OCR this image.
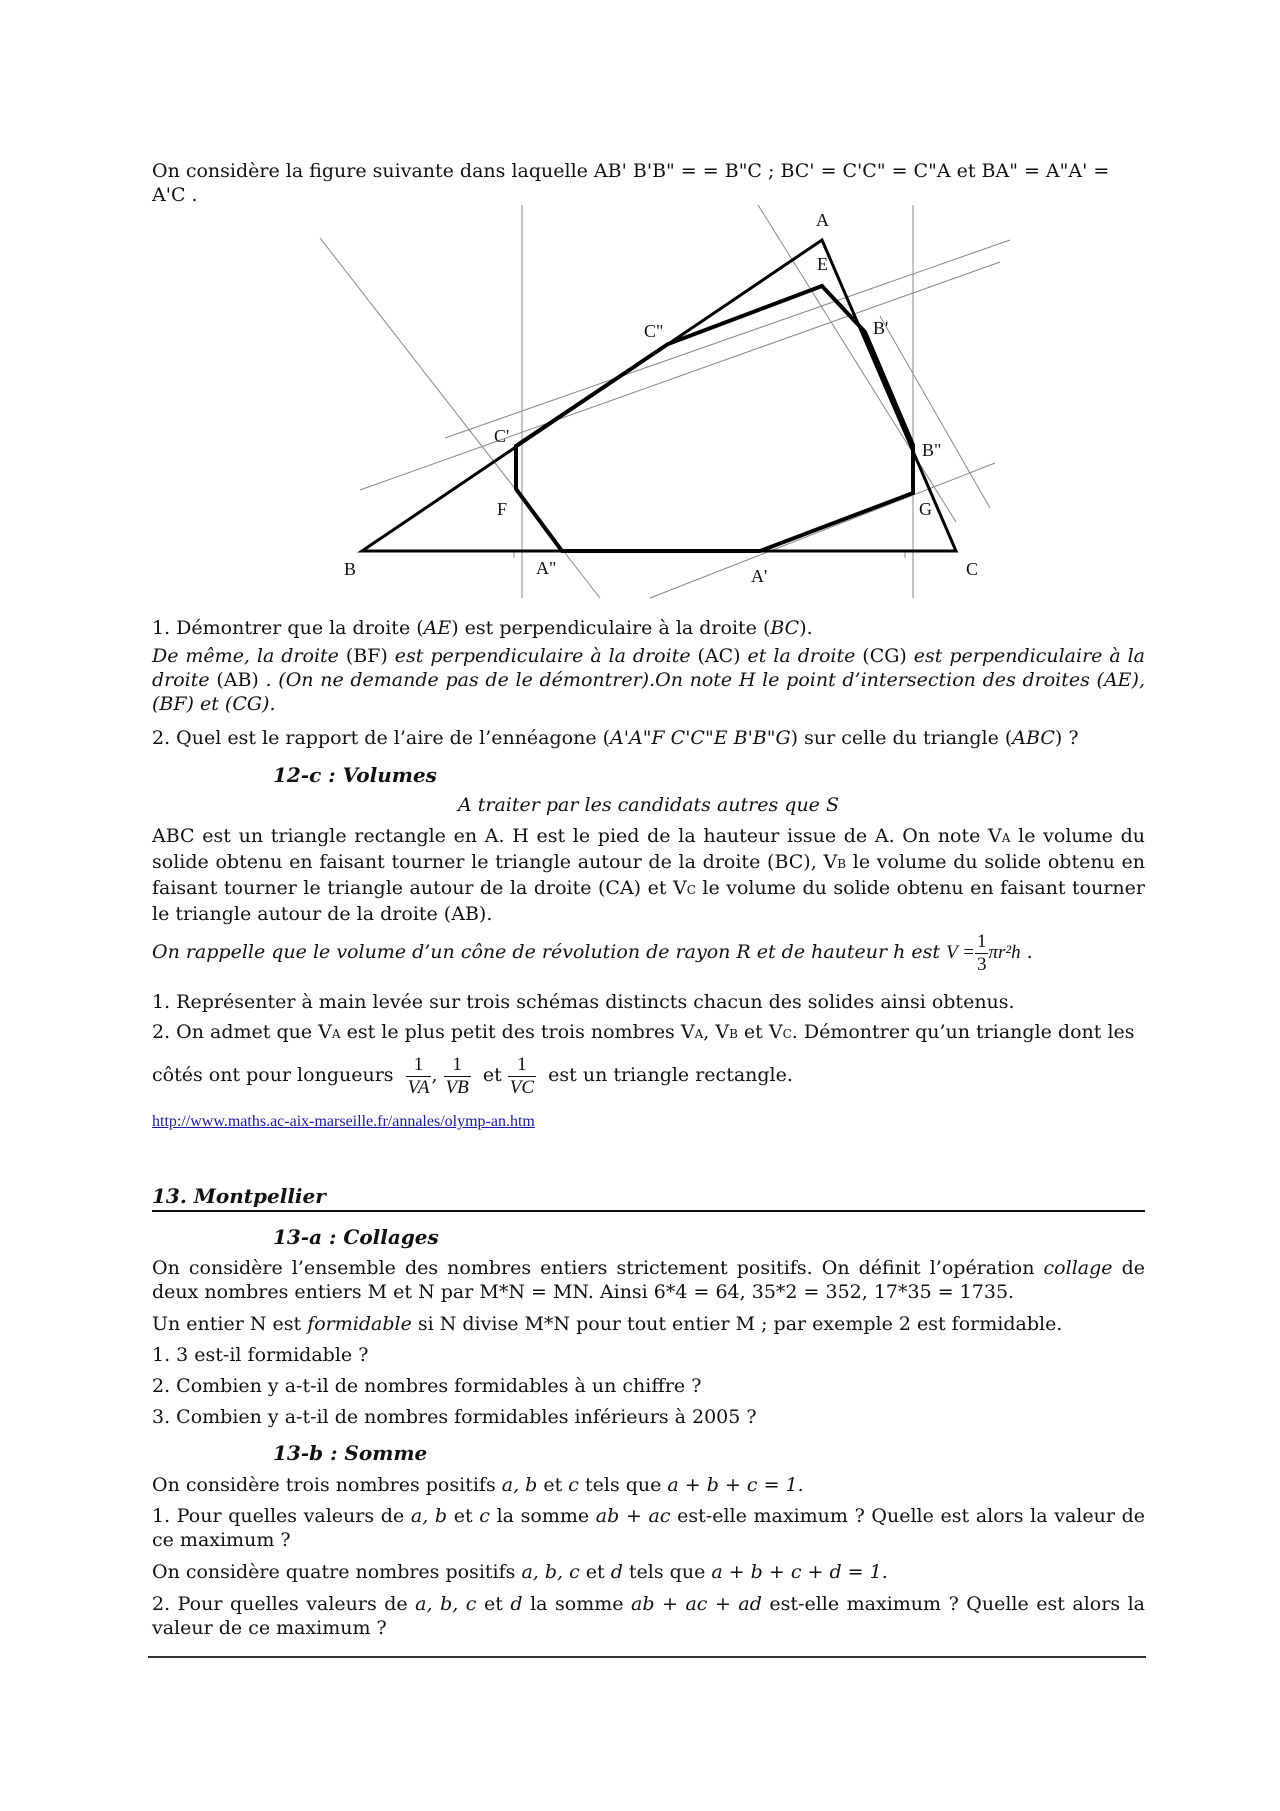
On considère la figure suivante dans laquelle AB' B'B" = = B"C ; BC' = C'C" = C"A et BA" = A"A' = A'C .
A
E
C"	B'
C'
B"
F	G
B	A"	A'	C
1. Démontrer que la droite (AE) est perpendiculaire à la droite (BC).
De même, la droite (BF) est perpendiculaire à la droite (AC) et la droite (CG) est perpendiculaire à la droite (AB) . (On ne demande pas de le démontrer).On note H le point d’intersection des droites (AE), (BF) et (CG).
2. Quel est le rapport de l’aire de l’ennéagone (A'A"F C'C"E B'B"G) sur celle du triangle (ABC) ?
12-c : Volumes
A traiter par les candidats autres que S
ABC est un triangle rectangle en A. H est le pied de la hauteur issue de A. On note VA le volume du solide obtenu en faisant tourner le triangle autour de la droite (BC), VB le volume du solide obtenu en faisant tourner le triangle autour de la droite (CA) et VC le volume du solide obtenu en faisant tourner le triangle autour de la droite (AB).
On rappelle que le volume d’un cône de révolution de rayon R et de hauteur h est $V = \frac{1}{3} \pi r^2h$ .
1. Représenter à main levée sur trois schémas distincts chacun des solides ainsi obtenus.
2. On admet que VA est le plus petit des trois nombres VA, VB et VC. Démontrer qu’un triangle dont les
côtés ont pour longueurs $\frac{1}{VA}$ , $\frac{1}{VB}$ et $\frac{1}{VC}$ est un triangle rectangle.
http://www.maths.ac-aix-marseille.fr/annales/olymp-an.htm
13. Montpellier
13-a : Collages
On considère l’ensemble des nombres entiers strictement positifs. On définit l’opération collage de deux nombres entiers M et N par M*N = MN. Ainsi 6*4 = 64, 35*2 = 352, 17*35 = 1735.
Un entier N est formidable si N divise M*N pour tout entier M ; par exemple 2 est formidable.
1. 3 est-il formidable ?
2. Combien y a-t-il de nombres formidables à un chiffre ?
3. Combien y a-t-il de nombres formidables inférieurs à 2005 ?
13-b : Somme
On considère trois nombres positifs a, b et c tels que a + b + c = 1.
1. Pour quelles valeurs de a, b et c la somme ab + ac est-elle maximum ? Quelle est alors la valeur de ce maximum ?
On considère quatre nombres positifs a, b, c et d tels que a + b + c + d = 1.
2. Pour quelles valeurs de a, b, c et d la somme ab + ac + ad est-elle maximum ? Quelle est alors la valeur de ce maximum ?
